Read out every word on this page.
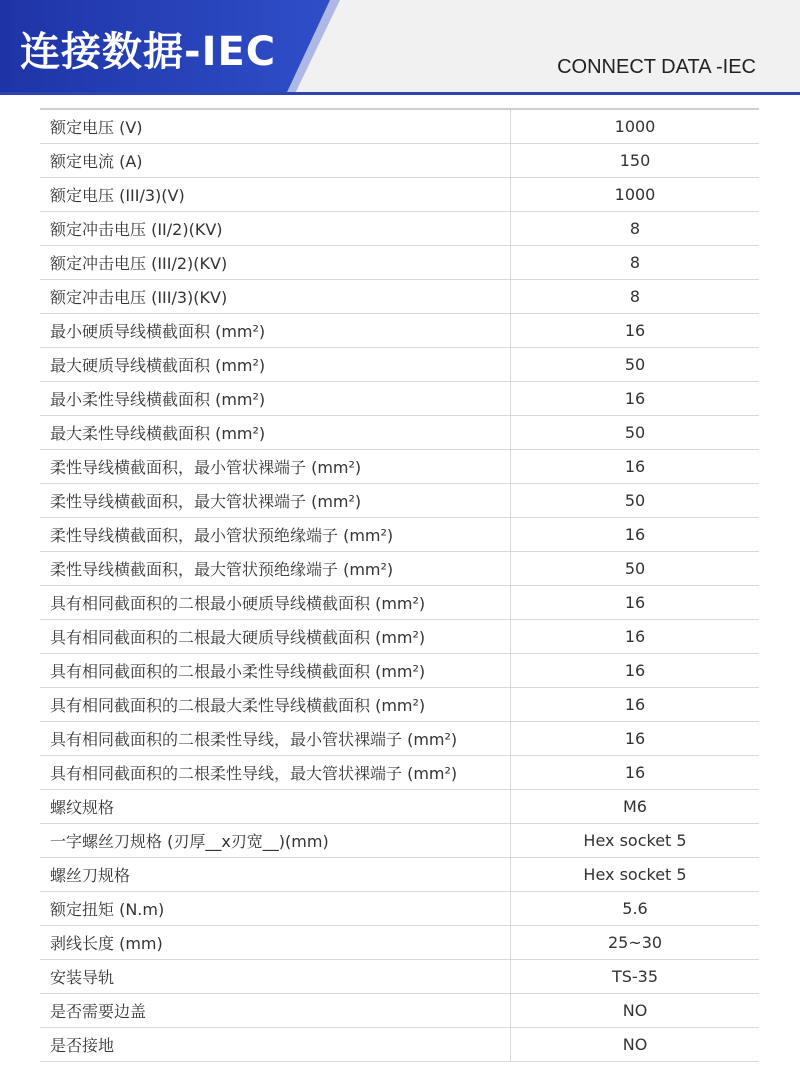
连接数据-IEC	CONNECT DATA -IEC
额定电压 (V)	1000
额定电流 (A)	150
额定电压 (III/3)(V)	1000
额定冲击电压 (II/2)(KV)	8
额定冲击电压 (III/2)(KV)	8
额定冲击电压 (III/3)(KV)	8
最小硬质导线横截面积 (mm²)	16
最大硬质导线横截面积 (mm²)	50
最小柔性导线横截面积 (mm²)	16
最大柔性导线横截面积 (mm²)	50
柔性导线横截面积，最小管状裸端子 (mm²)	16
柔性导线横截面积，最大管状裸端子 (mm²)	50
柔性导线横截面积，最小管状预绝缘端子 (mm²)	16
柔性导线横截面积，最大管状预绝缘端子 (mm²)	50
具有相同截面积的二根最小硬质导线横截面积 (mm²)	16
具有相同截面积的二根最大硬质导线横截面积 (mm²)	16
具有相同截面积的二根最小柔性导线横截面积 (mm²)	16
具有相同截面积的二根最大柔性导线横截面积 (mm²)	16
具有相同截面积的二根柔性导线，最小管状裸端子 (mm²)	16
具有相同截面积的二根柔性导线，最大管状裸端子 (mm²)	16
螺纹规格	M6
一字螺丝刀规格 (刃厚__x刃宽__)(mm)	Hex socket 5
螺丝刀规格	Hex socket 5
额定扭矩 (N.m)	5.6
剥线长度 (mm)	25~30
安装导轨	TS-35
是否需要边盖	NO
是否接地	NO
